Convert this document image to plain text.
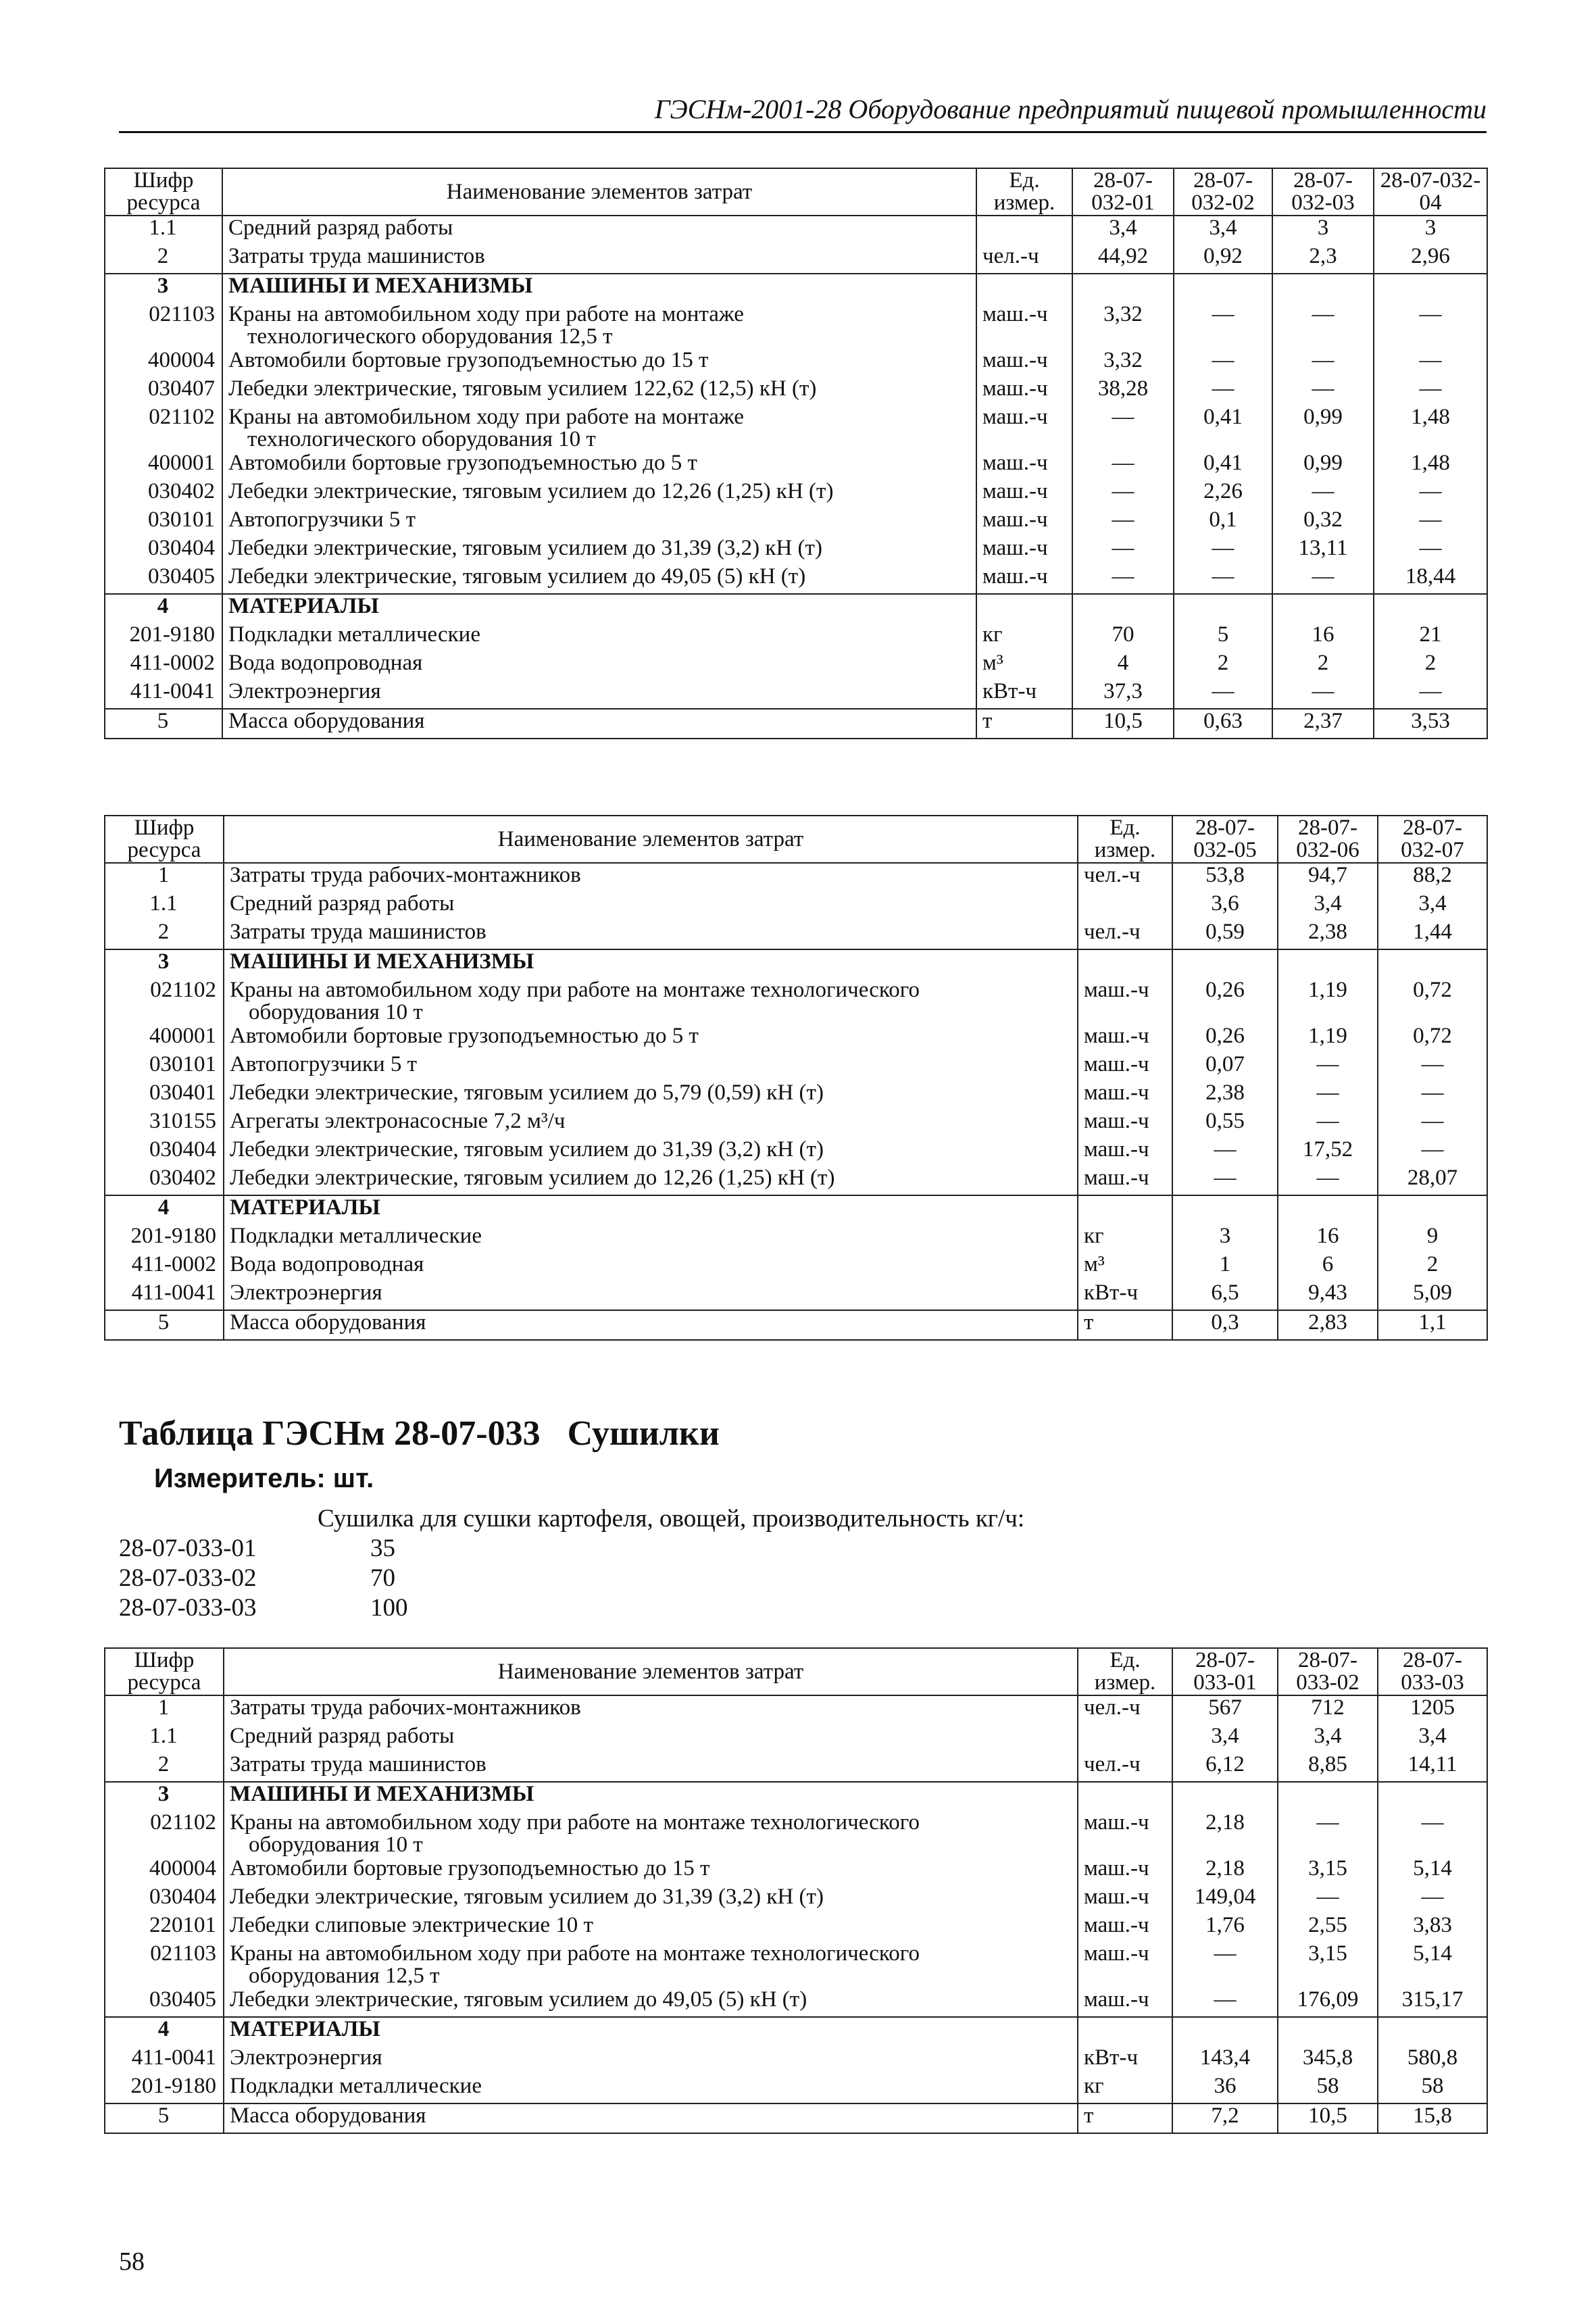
ГЭСНм-2001-28 Оборудование предприятий пищевой промышленности
Шифр ресурса	Наименование элементов затрат	Ед. измер.	28-07-032-01	28-07-032-02	28-07-032-03	28-07-032-04
1.1	Средний разряд работы		3,4	3,4	3	3
2	Затраты труда машинистов	чел.-ч	44,92	0,92	2,3	2,96
3	МАШИНЫ И МЕХАНИЗМЫ					

021103	Краны на автомобильном ходу при работе на монтаже
технологического оборудования 12,5 т	маш.-ч	3,32	—	—	—
400004	Автомобили бортовые грузоподъемностью до 15 т	маш.-ч	3,32	—	—	—
030407	Лебедки электрические, тяговым усилием 122,62 (12,5) кН (т)	маш.-ч	38,28	—	—	—
021102	Краны на автомобильном ходу при работе на монтаже
технологического оборудования 10 т	маш.-ч	—	0,41	0,99	1,48
400001	Автомобили бортовые грузоподъемностью до 5 т	маш.-ч	—	0,41	0,99	1,48
030402	Лебедки электрические, тяговым усилием до 12,26 (1,25) кН (т)	маш.-ч	—	2,26	—	—
030101	Автопогрузчики 5 т	маш.-ч	—	0,1	0,32	—
030404	Лебедки электрические, тяговым усилием до 31,39 (3,2) кН (т)	маш.-ч	—	—	13,11	—
030405	Лебедки электрические, тяговым усилием до 49,05 (5) кН (т)	маш.-ч	—	—	—	18,44
4	МАТЕРИАЛЫ					

201-9180	Подкладки металлические	кг	70	5	16	21
411-0002	Вода водопроводная	м³	4	2	2	2
411-0041	Электроэнергия	кВт-ч	37,3	—	—	—
5	Масса оборудования	т	10,5	0,63	2,37	3,53
Шифр ресурса	Наименование элементов затрат	Ед. измер.	28-07-032-05	28-07-032-06	28-07-032-07
1	Затраты труда рабочих-монтажников	чел.-ч	53,8	94,7	88,2
1.1	Средний разряд работы		3,6	3,4	3,4
2	Затраты труда машинистов	чел.-ч	0,59	2,38	1,44
3	МАШИНЫ И МЕХАНИЗМЫ				

021102	Краны на автомобильном ходу при работе на монтаже технологического
оборудования 10 т	маш.-ч	0,26	1,19	0,72
400001	Автомобили бортовые грузоподъемностью до 5 т	маш.-ч	0,26	1,19	0,72
030101	Автопогрузчики 5 т	маш.-ч	0,07	—	—
030401	Лебедки электрические, тяговым усилием до 5,79 (0,59) кН (т)	маш.-ч	2,38	—	—
310155	Агрегаты электронасосные 7,2 м³/ч	маш.-ч	0,55	—	—
030404	Лебедки электрические, тяговым усилием до 31,39 (3,2) кН (т)	маш.-ч	—	17,52	—
030402	Лебедки электрические, тяговым усилием до 12,26 (1,25) кН (т)	маш.-ч	—	—	28,07
4	МАТЕРИАЛЫ				

201-9180	Подкладки металлические	кг	3	16	9
411-0002	Вода водопроводная	м³	1	6	2
411-0041	Электроэнергия	кВт-ч	6,5	9,43	5,09
5	Масса оборудования	т	0,3	2,83	1,1
Таблица ГЭСНм 28-07-033 Сушилки
Измеритель: шт.
Сушилка для сушки картофеля, овощей, производительность кг/ч:
28-07-033-01	35
28-07-033-02	70
28-07-033-03	100
Шифр ресурса	Наименование элементов затрат	Ед. измер.	28-07-033-01	28-07-033-02	28-07-033-03
1	Затраты труда рабочих-монтажников	чел.-ч	567	712	1205
1.1	Средний разряд работы		3,4	3,4	3,4
2	Затраты труда машинистов	чел.-ч	6,12	8,85	14,11
3	МАШИНЫ И МЕХАНИЗМЫ				

021102	Краны на автомобильном ходу при работе на монтаже технологического
оборудования 10 т	маш.-ч	2,18	—	—
400004	Автомобили бортовые грузоподъемностью до 15 т	маш.-ч	2,18	3,15	5,14
030404	Лебедки электрические, тяговым усилием до 31,39 (3,2) кН (т)	маш.-ч	149,04	—	—
220101	Лебедки слиповые электрические 10 т	маш.-ч	1,76	2,55	3,83
021103	Краны на автомобильном ходу при работе на монтаже технологического
оборудования 12,5 т	маш.-ч	—	3,15	5,14
030405	Лебедки электрические, тяговым усилием до 49,05 (5) кН (т)	маш.-ч	—	176,09	315,17
4	МАТЕРИАЛЫ				

411-0041	Электроэнергия	кВт-ч	143,4	345,8	580,8
201-9180	Подкладки металлические	кг	36	58	58
5	Масса оборудования	т	7,2	10,5	15,8
58
